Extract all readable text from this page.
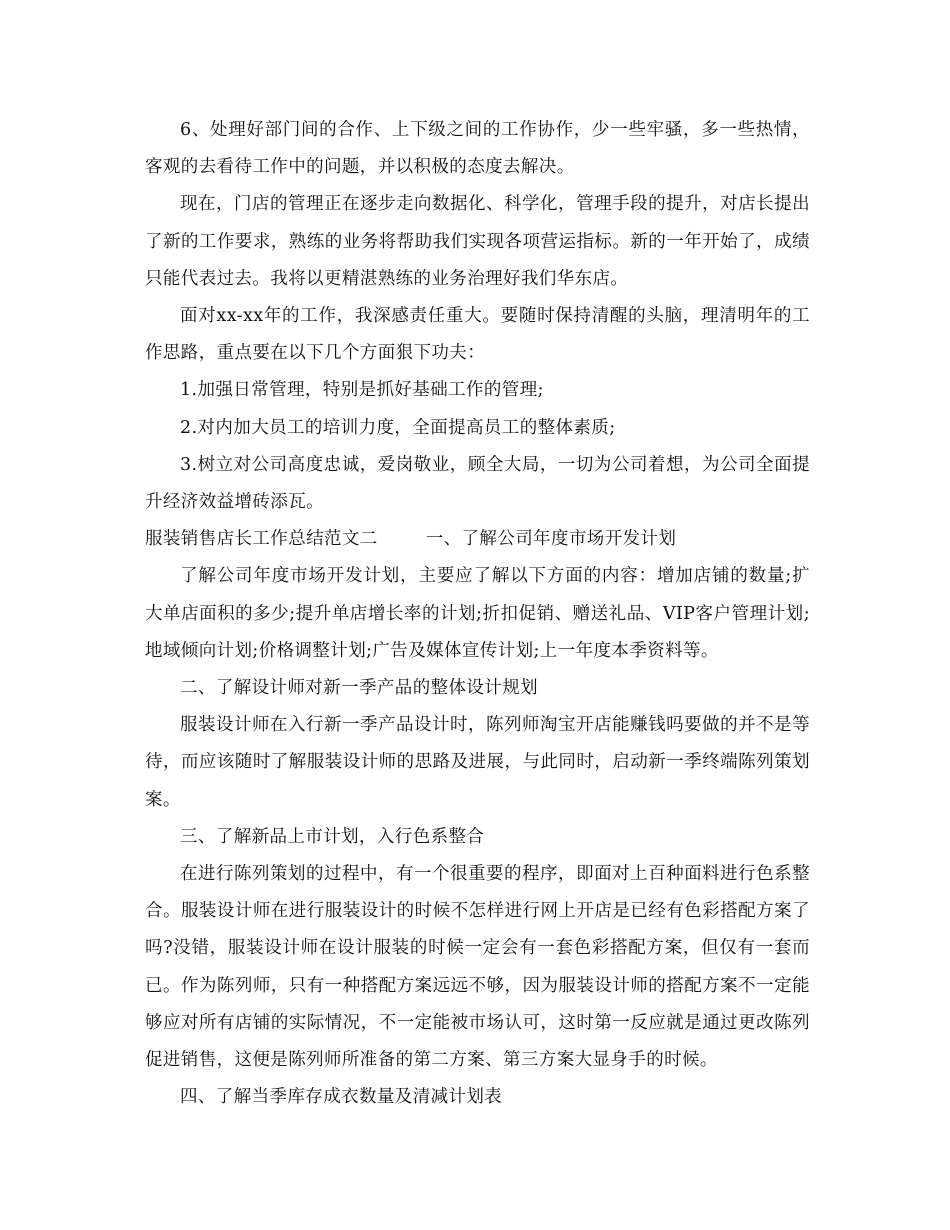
6、处理好部门间的合作、上下级之间的工作协作，少一些牢骚，多一些热情，客观的去看待工作中的问题，并以积极的态度去解决。

现在，门店的管理正在逐步走向数据化、科学化，管理手段的提升，对店长提出了新的工作要求，熟练的业务将帮助我们实现各项营运指标。新的一年开始了，成绩只能代表过去。我将以更精湛熟练的业务治理好我们华东店。

面对xx-xx年的工作，我深感责任重大。要随时保持清醒的头脑，理清明年的工作思路，重点要在以下几个方面狠下功夫：

1.加强日常管理，特别是抓好基础工作的管理;

2.对内加大员工的培训力度，全面提高员工的整体素质;

3.树立对公司高度忠诚，爱岗敬业，顾全大局，一切为公司着想，为公司全面提升经济效益增砖添瓦。

服装销售店长工作总结范文二	一、了解公司年度市场开发计划

了解公司年度市场开发计划，主要应了解以下方面的内容：增加店铺的数量;扩大单店面积的多少;提升单店增长率的计划;折扣促销、赠送礼品、VIP客户管理计划;地域倾向计划;价格调整计划;广告及媒体宣传计划;上一年度本季资料等。

二、了解设计师对新一季产品的整体设计规划

服装设计师在入行新一季产品设计时，陈列师淘宝开店能赚钱吗要做的并不是等待，而应该随时了解服装设计师的思路及进展，与此同时，启动新一季终端陈列策划案。

三、了解新品上市计划，入行色系整合

在进行陈列策划的过程中，有一个很重要的程序，即面对上百种面料进行色系整合。服装设计师在进行服装设计的时候不怎样进行网上开店是已经有色彩搭配方案了吗?没错，服装设计师在设计服装的时候一定会有一套色彩搭配方案，但仅有一套而已。作为陈列师，只有一种搭配方案远远不够，因为服装设计师的搭配方案不一定能够应对所有店铺的实际情况，不一定能被市场认可，这时第一反应就是通过更改陈列促进销售，这便是陈列师所准备的第二方案、第三方案大显身手的时候。

四、了解当季库存成衣数量及清减计划表
